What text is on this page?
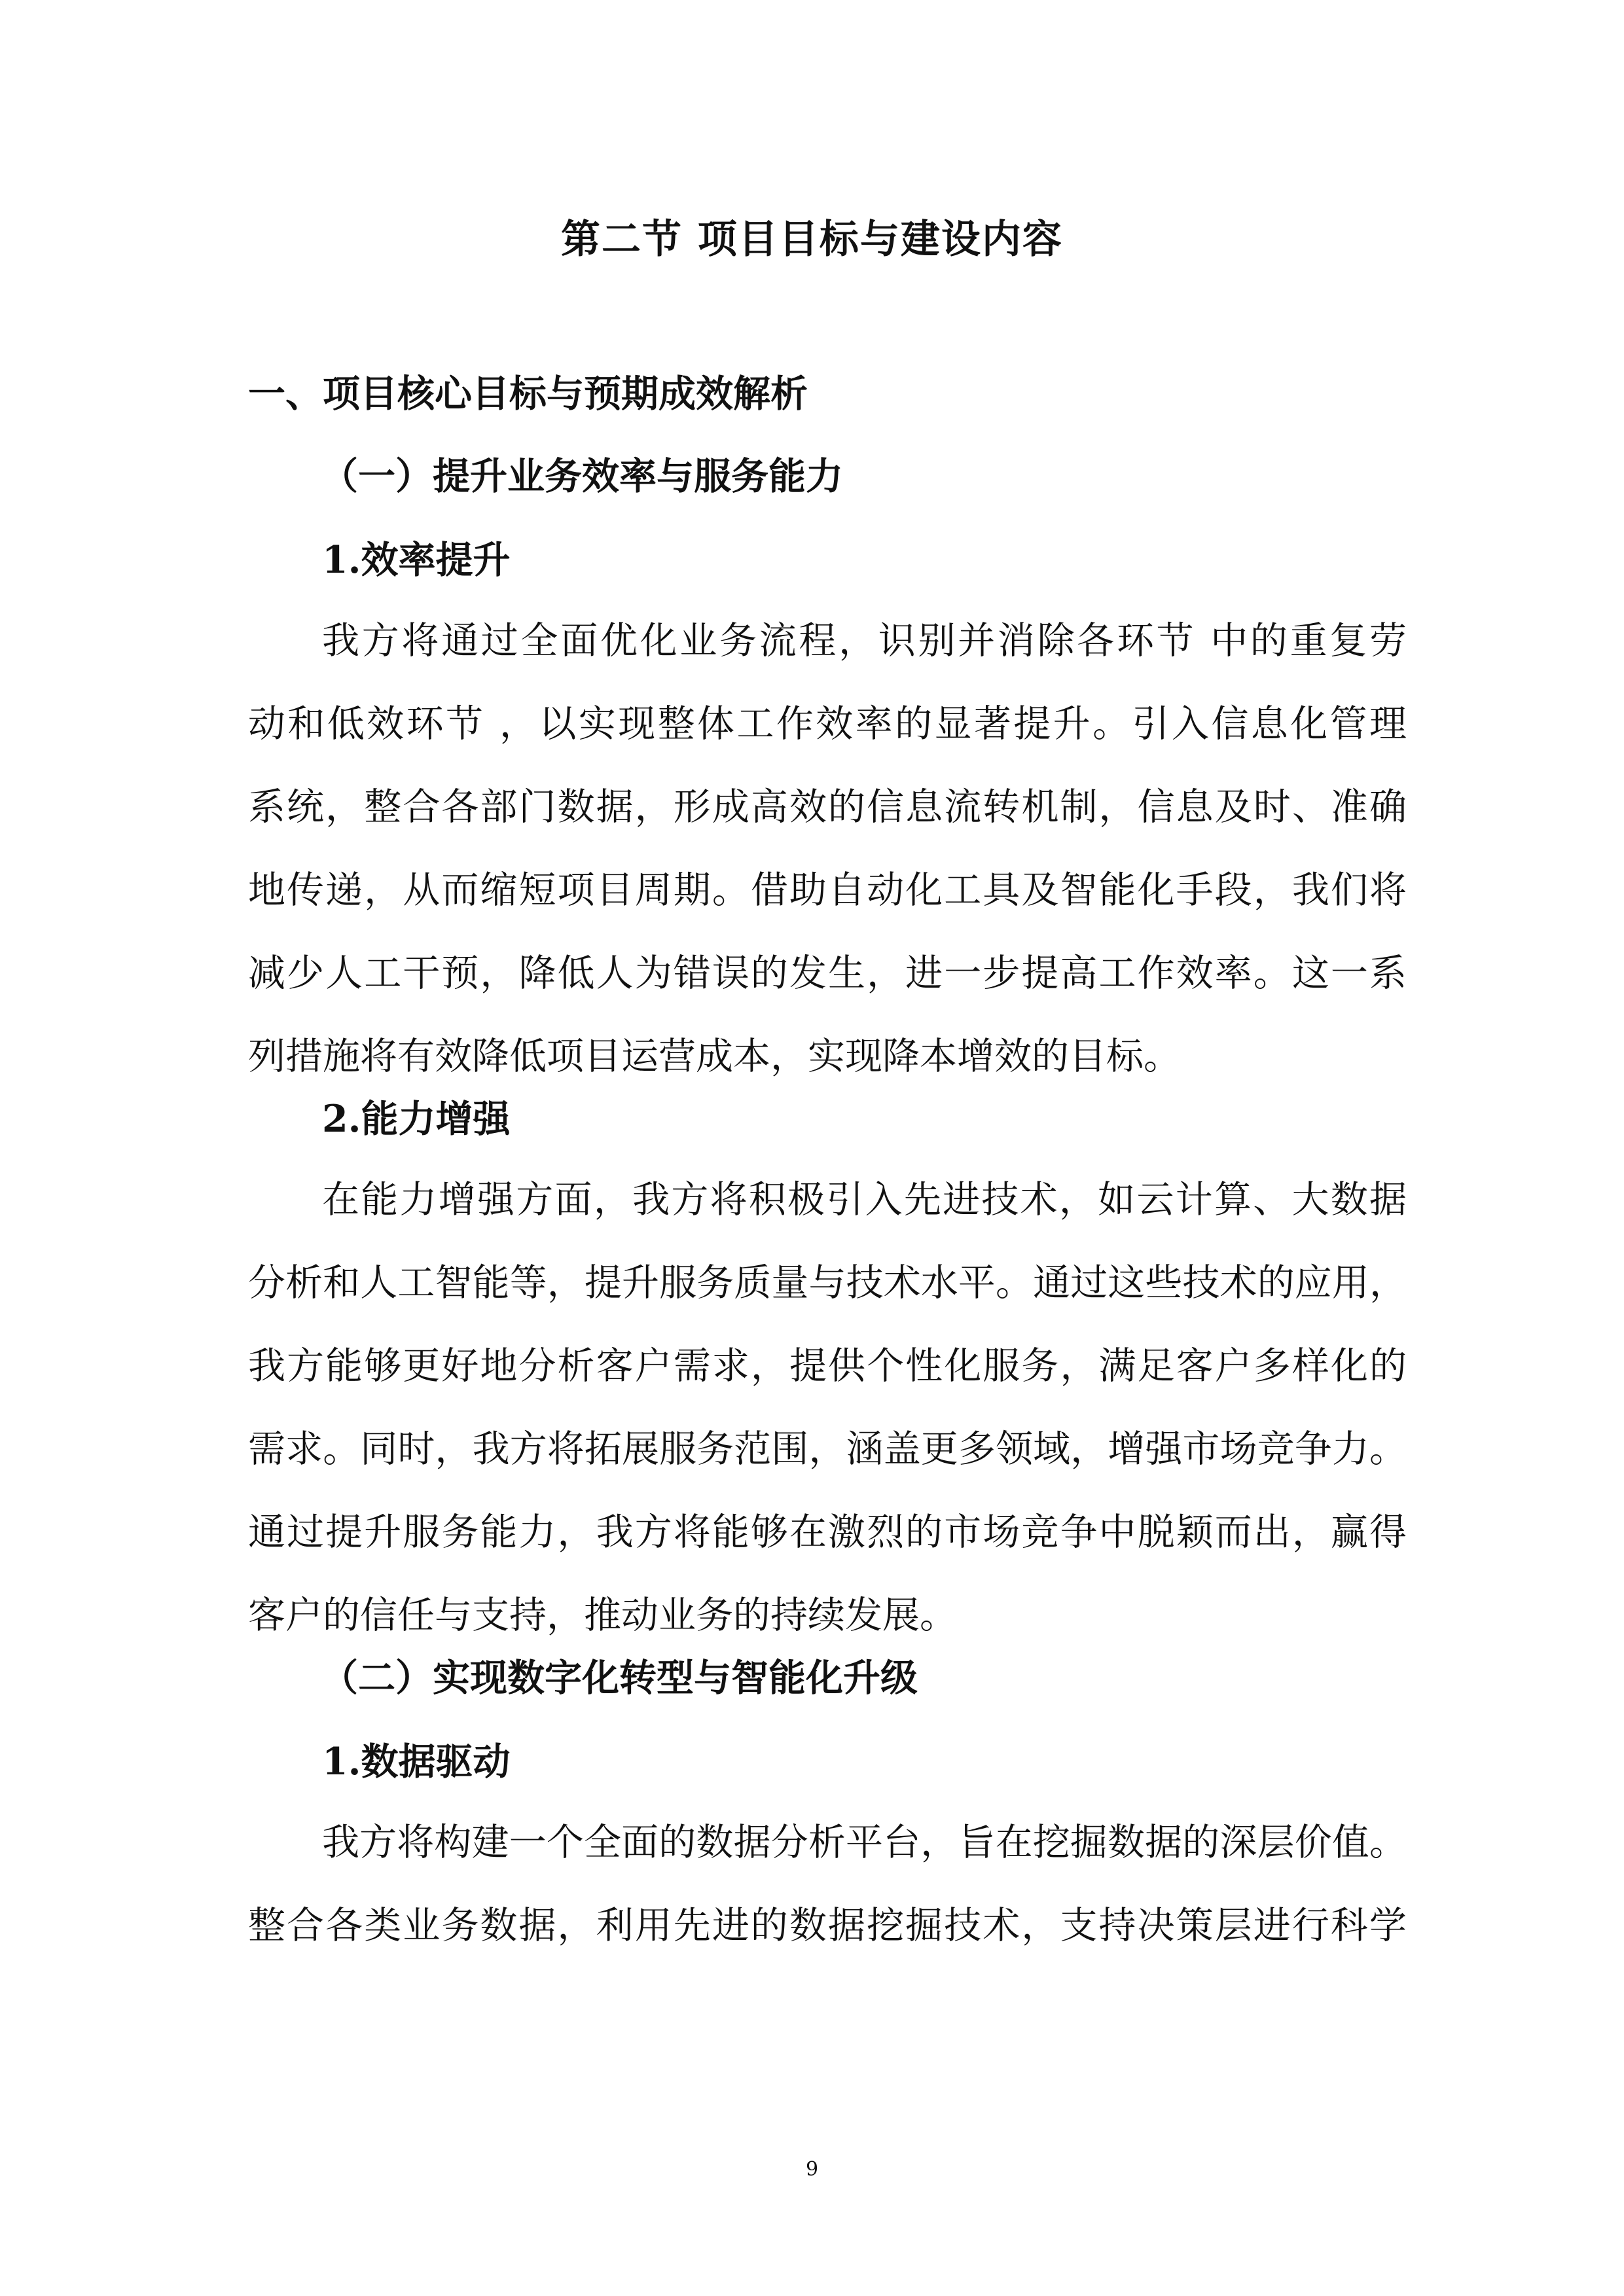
第二节 项目目标与建设内容
一、项目核心目标与预期成效解析
（一）提升业务效率与服务能力
1.效率提升
我方将通过全面优化业务流程，识别并消除各环节 中的重复劳
动和低效环节 ，以实现整体工作效率的显著提升。引入信息化管理
系统，整合各部门数据，形成高效的信息流转机制，信息及时、准确
地传递，从而缩短项目周期。借助自动化工具及智能化手段，我们将
减少人工干预，降低人为错误的发生，进一步提高工作效率。这一系
列措施将有效降低项目运营成本，实现降本增效的目标。
2.能力增强
在能力增强方面，我方将积极引入先进技术，如云计算、大数据
分析和人工智能等，提升服务质量与技术水平。通过这些技术的应用，
我方能够更好地分析客户需求，提供个性化服务，满足客户多样化的
需求。同时，我方将拓展服务范围，涵盖更多领域，增强市场竞争力。
通过提升服务能力，我方将能够在激烈的市场竞争中脱颖而出，赢得
客户的信任与支持，推动业务的持续发展。
（二）实现数字化转型与智能化升级
1.数据驱动
我方将构建一个全面的数据分析平台，旨在挖掘数据的深层价值。
整合各类业务数据，利用先进的数据挖掘技术，支持决策层进行科学
9
